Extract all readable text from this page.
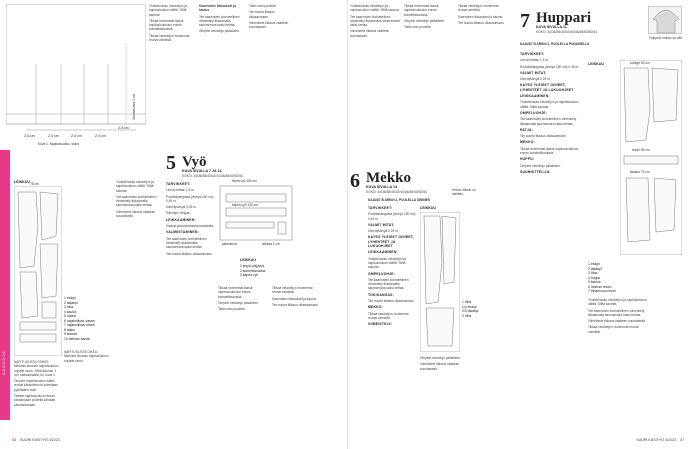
2,5 cm	2,5 cm	2,5 cm	2,5 cm
2,5 cm
Saumanvara 1 cm
Kuva 1. Napitusluukku, sidos

Yhdistä tasku vetoketjun ja napitusluukun väliltä. Silitä saumat.

Tikkaa molemmat taskut napitusluukkuun ennen koristetikkauksia.

Tikkaa vetoketjun molemmat reunat valmiiksi.

Kaarrosten tikkaukset ja kaulus

Tee kaarrosten koristeellinen viimeistely tikkaamalla saumanvara kaksi kertaa.

Ompele vetoketju paikalleen.

Taitto olan puolelta.

Tee suurta tikkaus olkasaumaan.

Viimeistele tikkaus vaatteen suuntaisesti.

KAAVOJA
LEIKKUU 75 cm
1 etukpl
2 takakpl
3 hiha
4 kaulus
5 hupun
6 napituslista, vasen
7 napitusilista, oikea
8 tasku
9 kulmat
10 helman kaista

NAPITUSLISTA OSIKSI: Merkitse ikkunan napitusluukun nurjalle osoin. Silitä ikkunan 1 m:n tukikankaalla; ks. kuva 1.

Ompele napitusluukun kaikki reunat kaksinkerroin kulmiltaan pyöristäen osiin.

Taittele napitusluukun reunat tukikankaan puolella kohtaan saumanvaraan.

NAPITUSLISTA OIKEA: Merkitse ikkunan napitusluukun nurjalle osoin.

Yhdistä tasku vetoketjun ja napitusluukun väliltä. Silitä saumat.

Tee kaarrosten koristeellinen viimeistely tikkaamalla saumanvara kaksi kertaa.

Viimeistele tikkaus vaatteen suuntaisesti.

5 Vyö
KUVA SIVULLA 7 JA 14
KOKO: 34/36/38/40/42/44/46/48/50/52/54

TARVIKKEET:

Lenvä mittaa: 1,5 m

Puuvillakangasta (leveys 150 cm) 0,45 m.

Kiinnityslevyä 0,25 m.

Kiinnitys/-rengas

LEIKKAAMINEN:

Kaavat yksinkertaiselta kankaalta.

VALMIISTAMINEN:

Tee kaarrosten koristeellinen viimeistely tikkaamalla saumanvara kaksi kertaa.

Tee suurta tikkaus olkasaumaan.

leveä vyö 150 cm
kapea vyö 130 cm
kantokuvio	leikkaa 1 cm
LEIKKUU
1 levyä pöljyyvä
2 solmimisnauha
3 kapea vyö

Tikkaa molemmat taskut napitusluukkuun ennen koristetikkauksia.

Ompele vetoketju paikalleen.

Taitto olan puolelta.

Tikkaa vetoketjun molemmat reunat valmiiksi.

Kaarrosten tikkaukset ja kaulus

Tee suurta tikkaus olkasaumaan.

34 SUURI KÄSITYÖ 4/2023

Yhdistä tasku vetoketjun ja napitusluukun väliltä. Silitä saumat.

Tee kaarrosten koristeellinen viimeistely tikkaamalla saumanvara kaksi kertaa.

Viimeistele tikkaus vaatteen suuntaisesti.

Tikkaa molemmat taskut napitusluukkuun ennen koristetikkauksia.

Ompele vetoketju paikalleen.

Taitto olan puolelta.

6 Mekko
KUVA SIVULLA 14
KOKO: 34/36/38/40/42/44/46/48/50/52/54
KAAVAT B ARKIN 2, PUOLELLA SININEN

TARVIKKEET:

Puuvillakangasta (leveys 150 cm) 0,45 m.

VALMIT MITAT:

Kiinnityslevyä 0,25 m.

KATSO YLEISET OHJEET, LYHENTEET JA LUKUOHJEET

LEIKKAAMINEN:

Yhdistä tasku vetoketjun ja napitusluukun väliltä. Silitä saumat.

OMPELUOHJE:

Tee kaarrosten koristeellinen viimeistely tikkaamalla saumanvara kaksi kertaa.

TUKIKANGAS:

Tee suurta tikkaus olkasaumaan.

MEKKO:

Tikkaa vetoketjun molemmat reunat valmiiksi.

VIIMEISTELY:

Hekon mikolu on vaihtelu.
LEIKKUU
1 hiha
1/4 etukpl
2/3 takakpl
3 hiha

Ompele vetoketju paikalleen.

Viimeistele tikkaus vaatteen suuntaisesti.

Tikkaa vetoketjun molemmat reunat valmiiksi.

Kaarrosten tikkaukset ja kaulus

Tee suurta tikkaus olkasaumaan. 7 Huppari
KUVA SIVULLA 11
KOKO: 34/36/38/40/42/44/46/48/50/52/54
KAAVAT B ARKIN 2, PUOLELLA PUNAISELLA

TARVIKKEET:

Lenvä mittaa: 1,5 m

Puuvillakangasta (leveys 150 cm) 0,45 m.

VALMIT MITAT:

Kiinnityslevyä 0,25 m.

KATSO YLEISET OHJEET, LYHENTEET JA LUKUOHJEET

LEIKKAAMINEN:

Yhdistä tasku vetoketjun ja napitusluukun väliltä. Silitä saumat.

OMPELUOHJE:

Tee kaarrosten koristeellinen viimeistely tikkaamalla saumanvara kaksi kertaa.

PATJA:

Tee suurta tikkaus olkasaumaan.

MEKKO:

Tikkaa molemmat taskut napitusluukkuun ennen koristetikkauksia.

HUPPU:

Ompele vetoketju paikalleen.

SUUNNITTELIJA:

Huppari: mikolu on väli.
LEIKKUU	college 80 cm
resori 35 cm
tikkaus 75 cm
1 etukpl
2 takakpl
3 hiha
4 huppu
5 kaulus
6 helman resori
7 hihansuun resori

Yhdistä tasku vetoketjun ja napitusluukun väliltä. Silitä saumat.

Tee kaarrosten koristeellinen viimeistely tikkaamalla saumanvara kaksi kertaa.

Viimeistele tikkaus vaatteen suuntaisesti.

Tikkaa vetoketjun molemmat reunat valmiiksi.

SUURI KÄSITYÖ 4/2023 37
